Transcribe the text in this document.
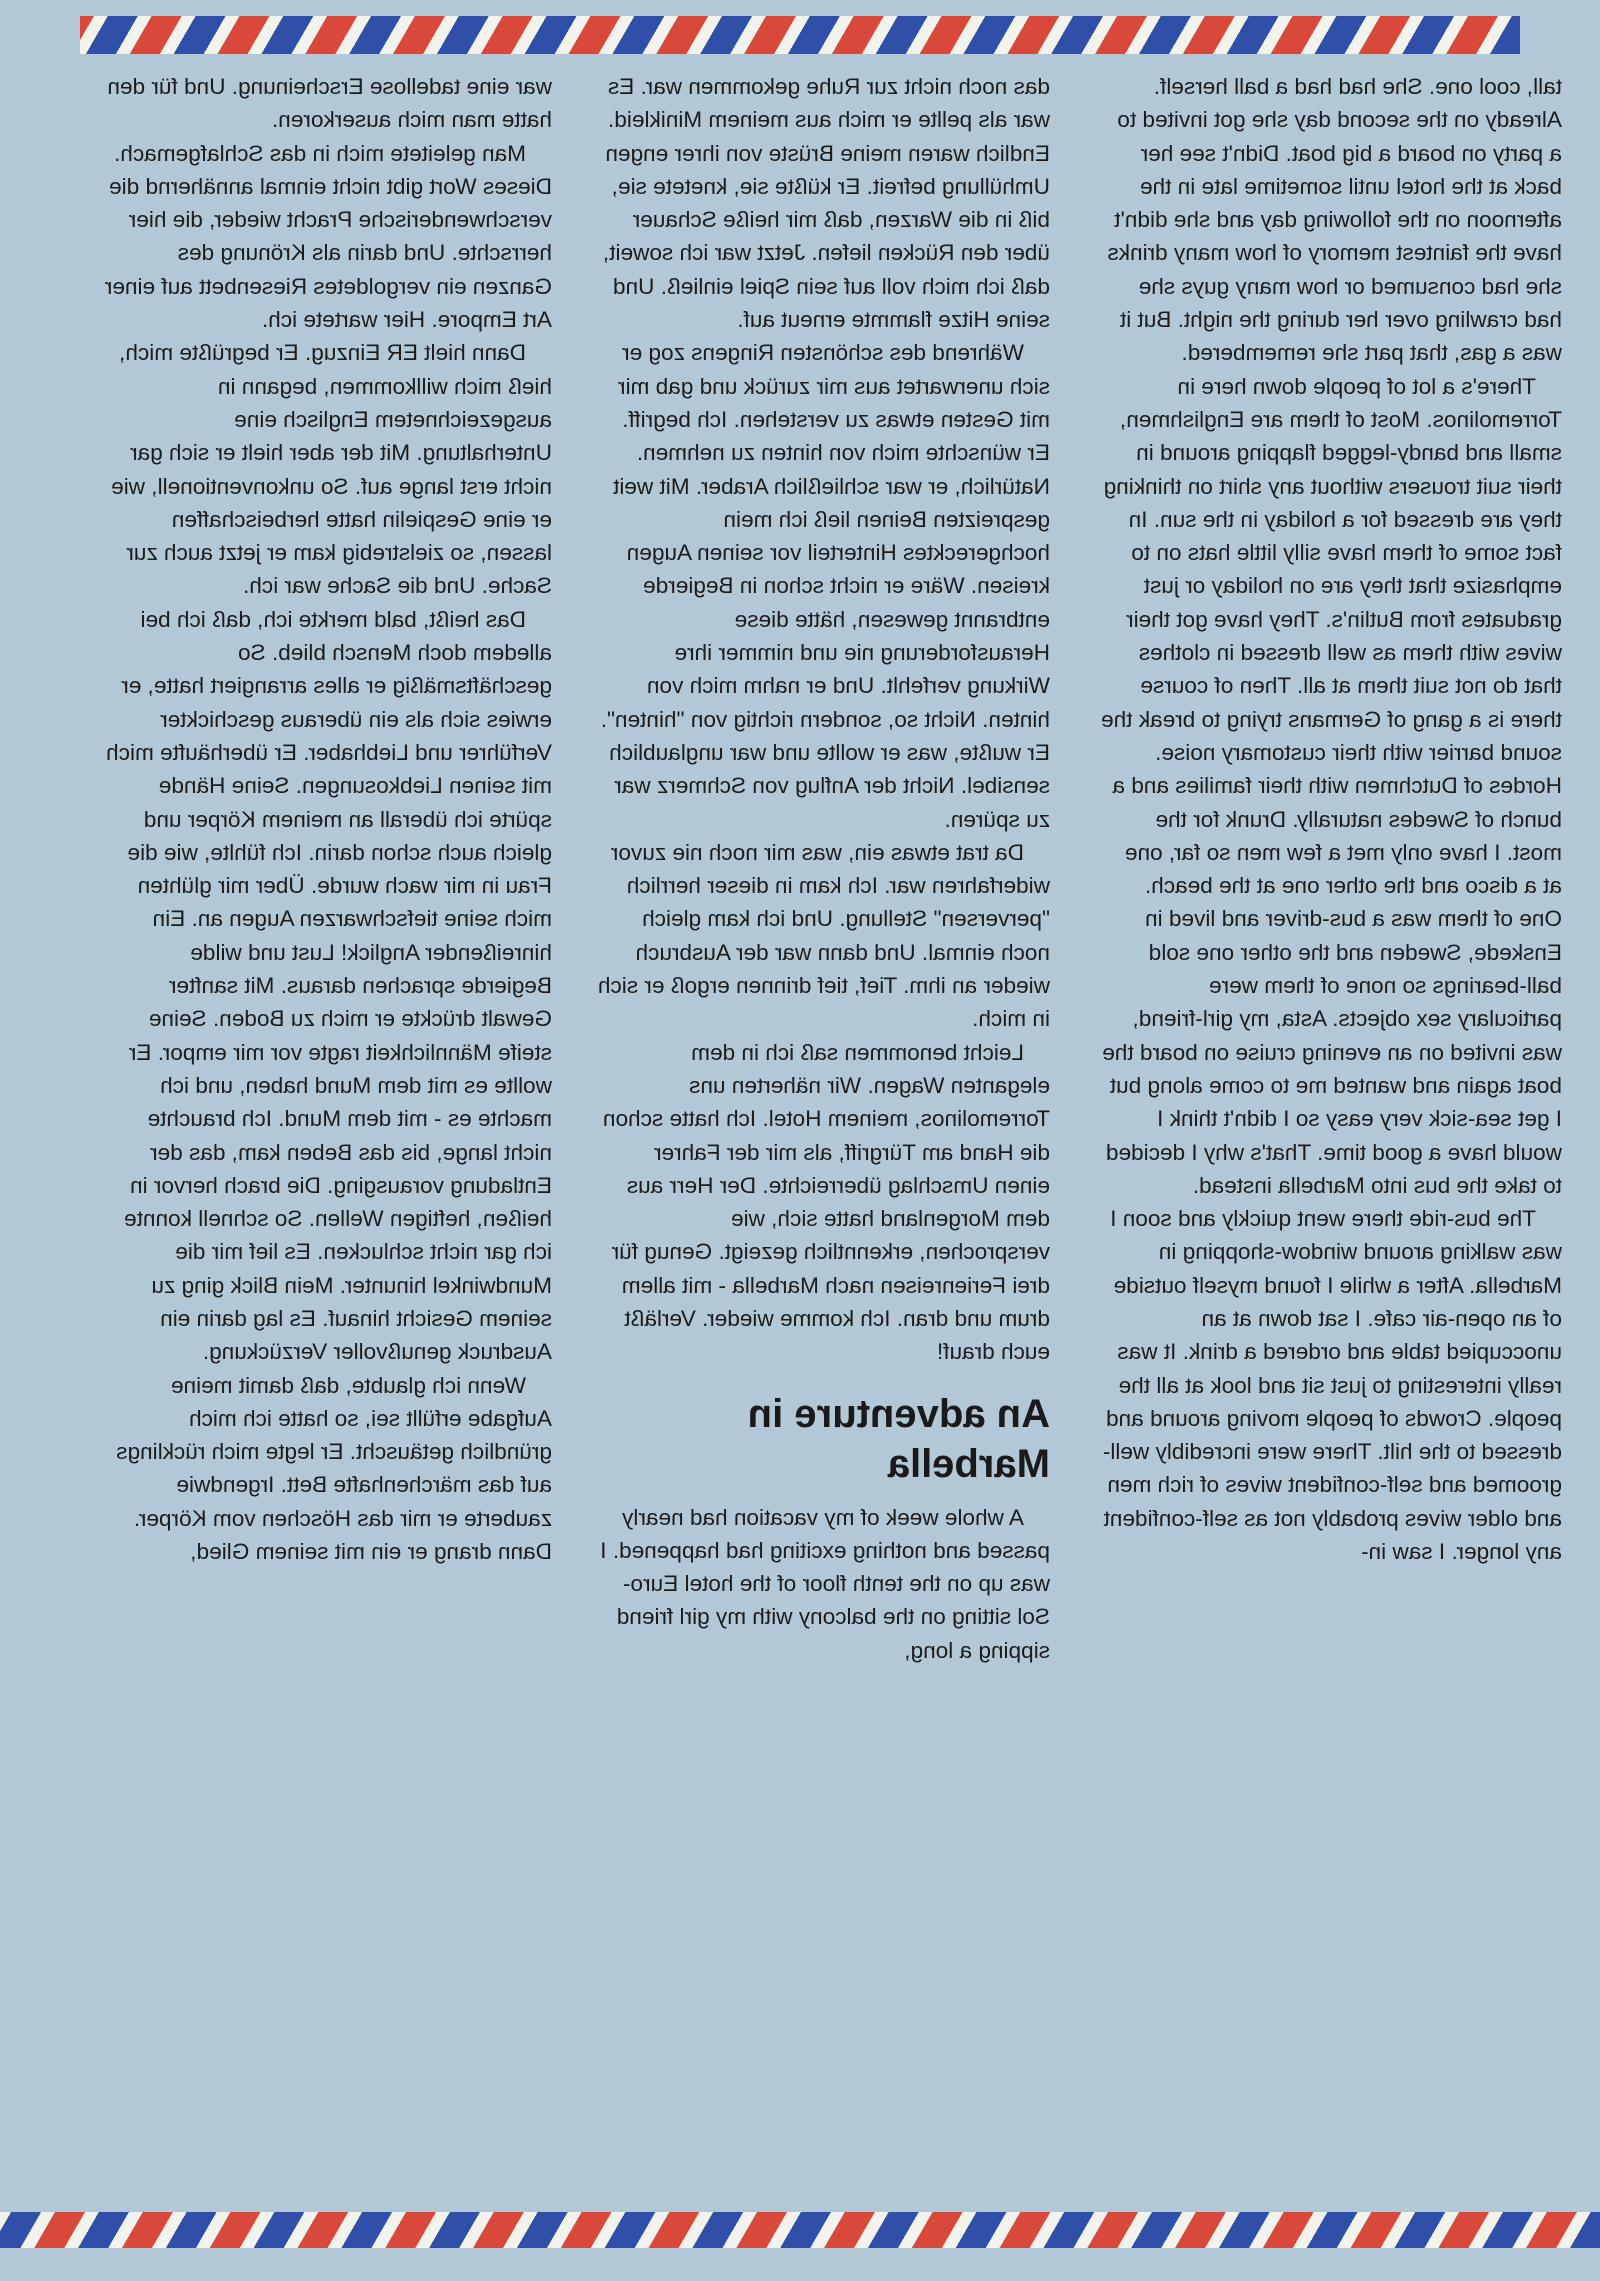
war eine tadellose Erscheinung. Und für den hatte man mich auserkoren.

Man geleitete mich in das Schlafgemach. Dieses Wort gibt nicht einmal annähernd die verschwenderische Pracht wieder, die hier herrschte. Und darin als Krönung des Ganzen ein vergoldetes Riesenbett auf einer Art Empore. Hier wartete ich.

Dann hielt ER Einzug. Er begrüßte mich, hieß mich willkommen, begann in ausgezeichnetem Englisch eine Unterhaltung. Mit der aber hielt er sich gar nicht erst lange auf. So unkonventionell, wie er eine Gespielin hatte herbeischaffen lassen, so zielstrebig kam er jetzt auch zur Sache. Und die Sache war ich.

Das heißt, bald merkte ich, daß ich bei alledem doch Mensch blieb. So geschäftsmäßig er alles arrangiert hatte, er erwies sich als ein überaus geschickter Verführer und Liebhaber. Er überhäufte mich mit seinen Liebkosungen. Seine Hände spürte ich überall an meinem Körper und gleich auch schon darin. Ich fühlte, wie die Frau in mir wach wurde. Über mir glühten mich seine tiefschwarzen Augen an. Ein hinreißender Anglick! Lust und wilde Begierde sprachen daraus. Mit sanfter Gewalt drückte er mich zu Boden. Seine steife Männlichkeit ragte vor mir empor. Er wollte es mit dem Mund haben, und ich machte es - mit dem Mund. Ich brauchte nicht lange, bis das Beben kam, das der Entladung vorausging. Die brach hervor in heißen, heftigen Wellen. So schnell konnte ich gar nicht schlucken. Es lief mir die Mundwinkel hinunter. Mein Blick ging zu seinem Gesicht hinauf. Es lag darin ein Ausdruck genußvoller Verzückung.

Wenn ich glaubte, daß damit meine Aufgabe erfüllt sei, so hatte ich mich gründlich getäuscht. Er legte mich rücklings auf das märchenhafte Bett. Irgendwie zauberte er mir das Höschen vom Körper. Dann drang er ein mit seinem Glied,

das noch nicht zur Ruhe gekommen war. Es war als pellte er mich aus meinem Minikleid. Endlich waren meine Brüste von ihrer engen Umhüllung befreit. Er küßte sie, knetete sie, biß in die Warzen, daß mir heiße Schauer über den Rücken liefen. Jetzt war ich soweit, daß ich mich voll auf sein Spiel einließ. Und seine Hitze flammte erneut auf.

Während des schönsten Ringens zog er sich unerwartet aus mir zurück und gab mir mit Gesten etwas zu verstehen. Ich begriff. Er wünschte mich von hinten zu nehmen. Natürlich, er war schließlich Araber. Mit weit gespreizten Beinen ließ ich mein hochgerecktes Hinterteil vor seinen Augen kreisen. Wäre er nicht schon in Begierde entbrannt gewesen, hätte diese Herausforderung nie und nimmer ihre Wirkung verfehlt. Und er nahm mich von hinten. Nicht so, sondern richtig von "hinten". Er wußte, was er wollte und war unglaublich sensibel. Nicht der Anflug von Schmerz war zu spüren.

Da trat etwas ein, was mir noch nie zuvor widerfahren war. Ich kam in dieser herrlich "perversen" Stellung. Und ich kam gleich noch einmal. Und dann war der Ausbruch wieder an ihm. Tief, tief drinnen ergoß er sich in mich.

Leicht benommen saß ich in dem eleganten Wagen. Wir näherten uns Torremolinos, meinem Hotel. Ich hatte schon die Hand am Türgriff, als mir der Fahrer einen Umschlag überreichte. Der Herr aus dem Morgenland hatte sich, wie versprochen, erkenntlich gezeigt. Genug für drei Ferienreisen nach Marbella - mit allem drum und dran. Ich komme wieder. Verläßt euch drauf!

An adventure in Marbella

A whole week of my vacation had nearly passed and nothing exciting had happened. I was up on the tenth floor of the hotel Euro-Sol sitting on the balcony with my girl friend sipping a long,

tall, cool one. She had had a ball herself. Already on the second day she got invited to a party on board a big boat. Didn't see her back at the hotel until sometime late in the afternoon on the following day and she didn't have the faintest memory of how many drinks she had consumed or how many guys she had crawling over her during the night. But it was a gas, that part she remembered.

There's a lot of people down here in Torremolinos. Most of them are Englishmen, small and bandy-legged flapping around in their suit trousers without any shirt on thinking they are dressed for a holiday in the sun. In fact some of them have silly little hats on to emphasize that they are on holiday or just graduates from Butlin's. They have got their wives with them as well dressed in clothes that do not suit them at all. Then of course there is a gang of Germans trying to break the sound barrier with their customary noise. Hordes of Dutchmen with their families and a bunch of Swedes naturally. Drunk for the most. I have only met a few men so far, one at a disco and the other one at the beach. One of them was a bus-driver and lived in Enskede, Sweden and the other one sold ball-bearings so none of them were particulary sex objects. Asta, my girl-friend, was invited on an evening cruise on board the boat again and wanted me to come along but I get sea-sick very easy so I didn't think I would have a good time. That's why I decided to take the bus into Marbella instead.

The bus-ride there went quickly and soon I was walking around window-shopping in Marbella. After a while I found myself outside of an open-air cafe. I sat down at an unoccupied table and ordered a drink. It was really interesting to just sit and look at all the people. Crowds of people moving around and dressed to the hilt. There were incredibly well-groomed and self-confident wives of rich men and older wives probably not as self-confident any longer. I saw in-
